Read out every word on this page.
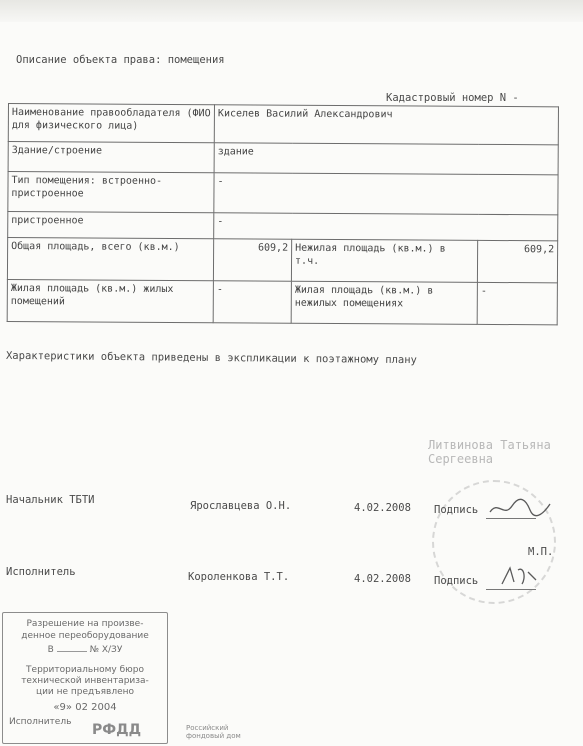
Описание объекта права: помещения
Кадастровый номер N -
Наименование правообладателя (ФИО для физического лица)	Киселев Василий Александрович		
Здание/строение	здание		
Тип помещения: встроенно-пристроенное	-		
пристроенное	-		
Общая площадь, всего (кв.м.)	609,2	Нежилая площадь (кв.м.) в т.ч.	609,2
Жилая площадь (кв.м.) жилых помещений	-	Жилая площадь (кв.м.) в нежилых помещениях	-
Характеристики объекта приведены в экспликации к поэтажному плану
Литвинова Татьяна Сергеевна
Начальник ТБТИ	Ярославцева О.Н.	4.02.2008 Подпись
М.П.
Исполнитель	Короленкова Т.Т.	4.02.2008 Подпись
Разрешение на произве-
денное переоборудование
В	№ Х/ЗУ
Территориальному бюро
технической инвентариза-
ции не предъявлено
«9» 02 2004
Исполнитель	РФДД	Российский
фондовый дом
